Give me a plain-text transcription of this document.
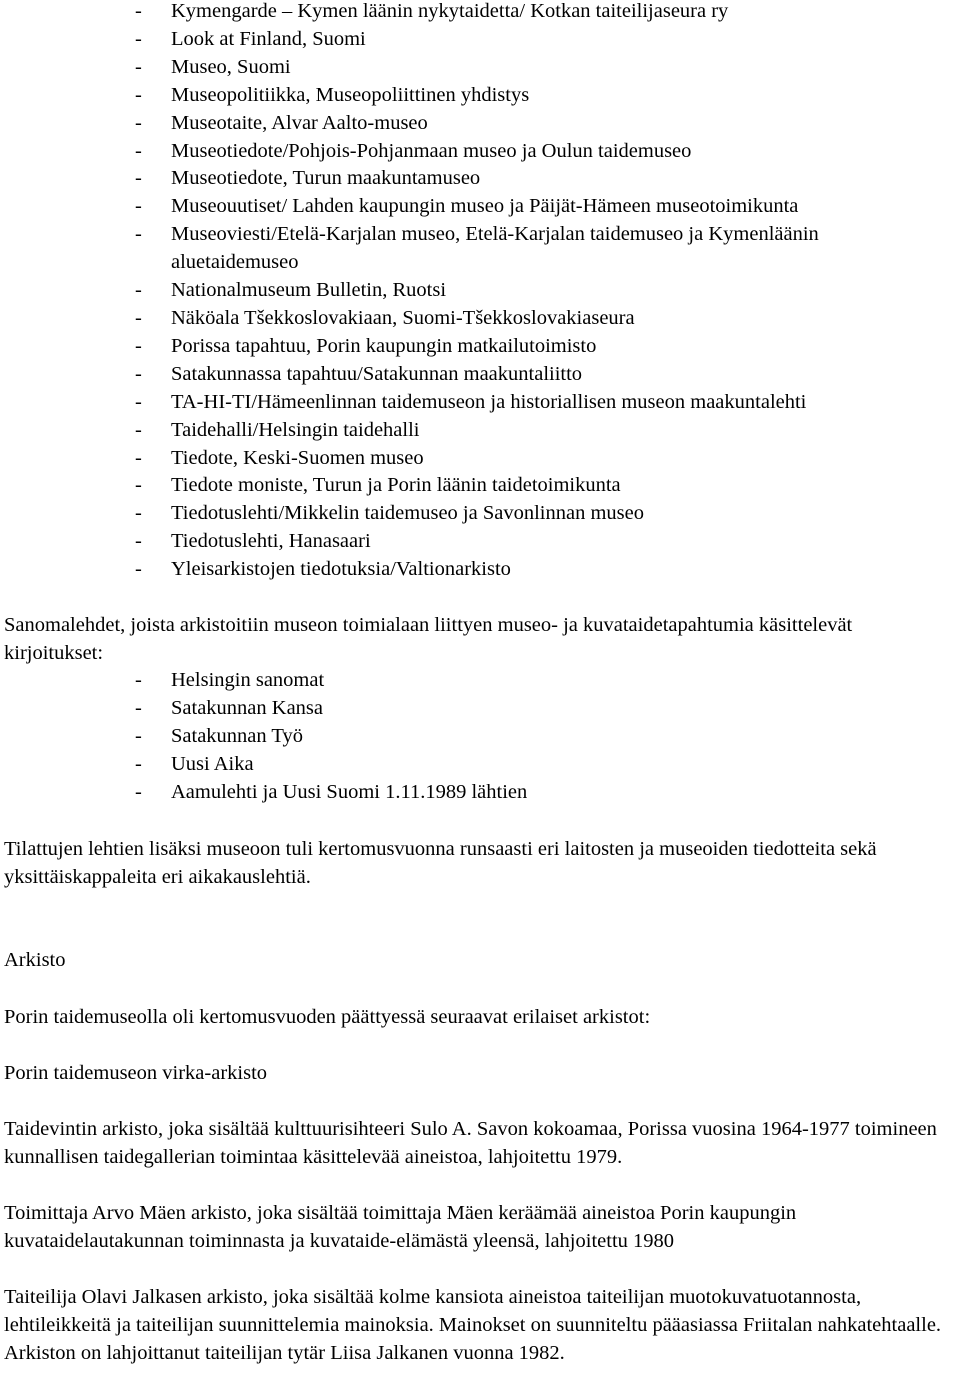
- Kymengarde – Kymen läänin nykytaidetta/ Kotkan taiteilijaseura ry
- Look at Finland, Suomi
- Museo, Suomi
- Museopolitiikka, Museopoliittinen yhdistys
- Museotaite, Alvar Aalto-museo
- Museotiedote/Pohjois-Pohjanmaan museo ja Oulun taidemuseo
- Museotiedote, Turun maakuntamuseo
- Museouutiset/ Lahden kaupungin museo ja Päijät-Hämeen museotoimikunta
- Museoviesti/Etelä-Karjalan museo, Etelä-Karjalan taidemuseo ja Kymenläänin
aluetaidemuseo
- Nationalmuseum Bulletin, Ruotsi
- Näköala Tšekkoslovakiaan, Suomi-Tšekkoslovakiaseura
- Porissa tapahtuu, Porin kaupungin matkailutoimisto
- Satakunnassa tapahtuu/Satakunnan maakuntaliitto
- TA-HI-TI/Hämeenlinnan taidemuseon ja historiallisen museon maakuntalehti
- Taidehalli/Helsingin taidehalli
- Tiedote, Keski-Suomen museo
- Tiedote moniste, Turun ja Porin läänin taidetoimikunta
- Tiedotuslehti/Mikkelin taidemuseo ja Savonlinnan museo
- Tiedotuslehti, Hanasaari
- Yleisarkistojen tiedotuksia/Valtionarkisto

Sanomalehdet, joista arkistoitiin museon toimialaan liittyen museo- ja kuvataidetapahtumia käsittelevät kirjoitukset:

- Helsingin sanomat
- Satakunnan Kansa
- Satakunnan Työ
- Uusi Aika
- Aamulehti ja Uusi Suomi 1.11.1989 lähtien

Tilattujen lehtien lisäksi museoon tuli kertomusvuonna runsaasti eri laitosten ja museoiden tiedotteita sekä yksittäiskappaleita eri aikakauslehtiä.

Arkisto

Porin taidemuseolla oli kertomusvuoden päättyessä seuraavat erilaiset arkistot:

Porin taidemuseon virka-arkisto

Taidevintin arkisto, joka sisältää kulttuurisihteeri Sulo A. Savon kokoamaa, Porissa vuosina 1964-1977 toimineen kunnallisen taidegallerian toimintaa käsittelevää aineistoa, lahjoitettu 1979.

Toimittaja Arvo Mäen arkisto, joka sisältää toimittaja Mäen keräämää aineistoa Porin kaupungin kuvataidelautakunnan toiminnasta ja kuvataide-elämästä yleensä, lahjoitettu 1980

Taiteilija Olavi Jalkasen arkisto, joka sisältää kolme kansiota aineistoa taiteilijan muotokuvatuotannosta, lehtileikkeitä ja taiteilijan suunnittelemia mainoksia. Mainokset on suunniteltu pääasiassa Friitalan nahkatehtaalle. Arkiston on lahjoittanut taiteilijan tytär Liisa Jalkanen vuonna 1982.
